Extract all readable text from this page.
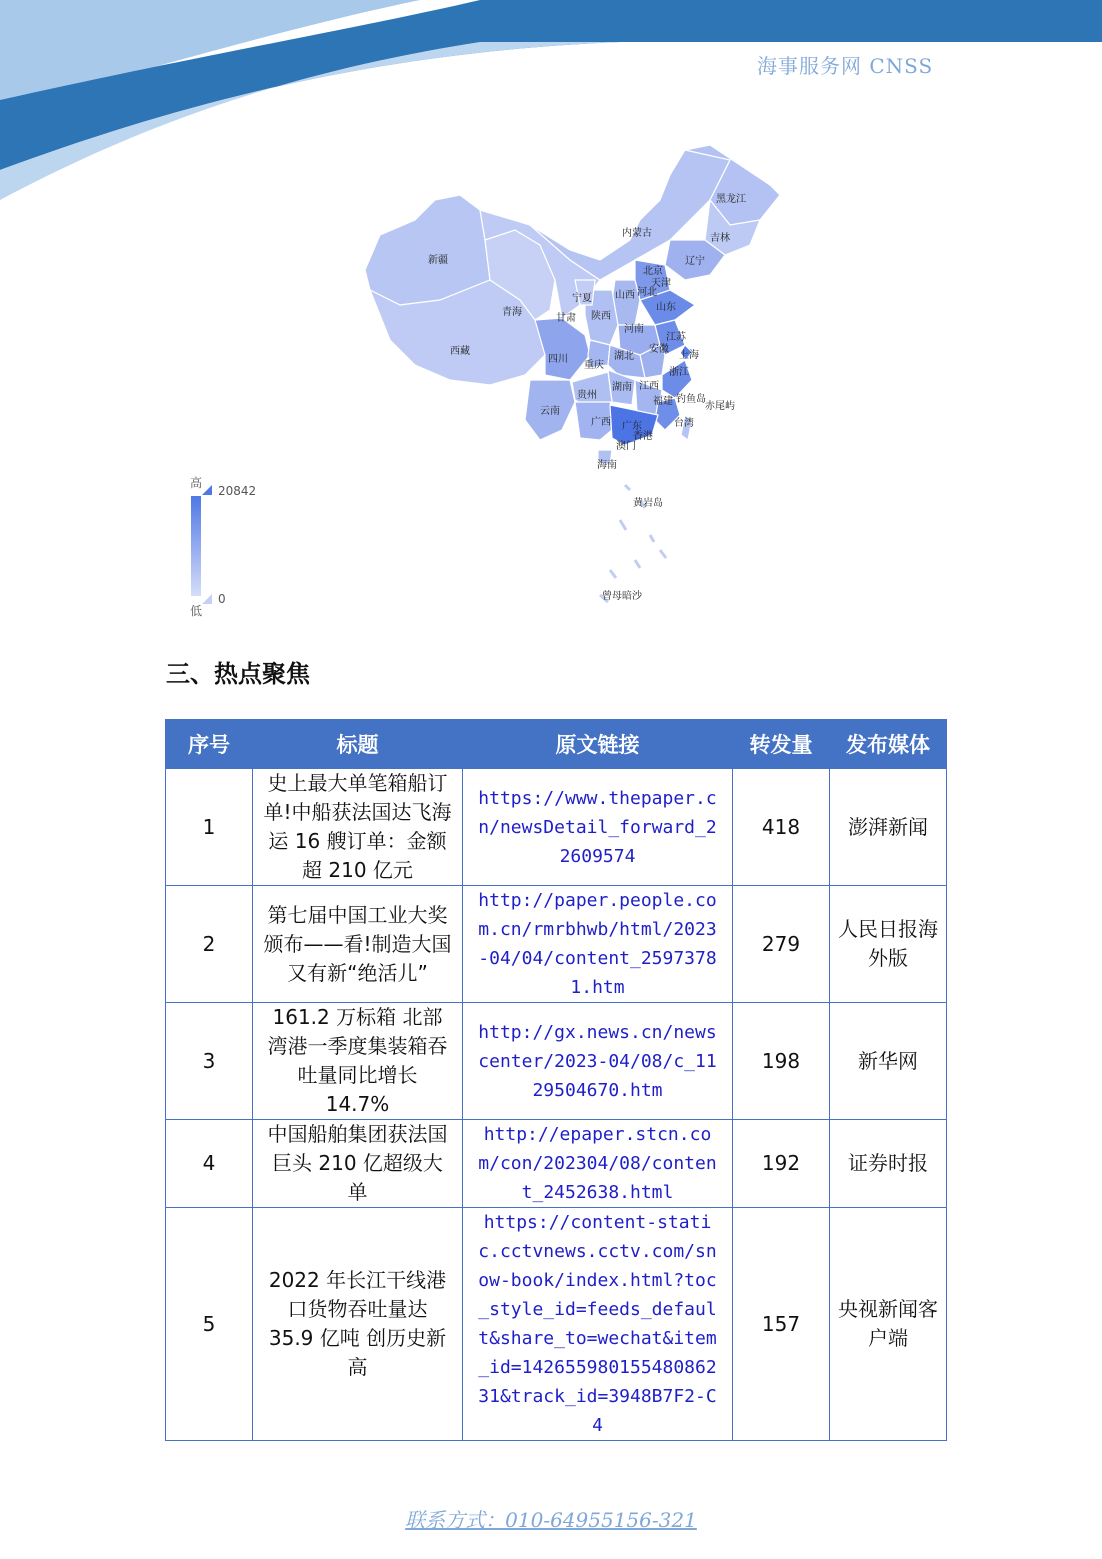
海事服务网 CNSS
黑龙江
内蒙古	吉林
辽宁
新疆
北京
天津
河北
山西
宁夏
青海
甘肃 陕西
山东
河南
江苏
西藏	安徽
上海
四川	湖北
重庆
浙江
湖南 江西
贵州
福建 钓鱼岛
赤尾屿
云南
广西 广东	台湾
香港
澳门
海南
黄岩岛
曾母暗沙
高
20842
0
低
三、热点聚焦
序号	标题	原文链接	转发量	发布媒体
1	史上最大单笔箱船订单!中船获法国达飞海运 16 艘订单：金额超 210 亿元	https://www.thepaper.cn/newsDetail_forward_22609574	418	澎湃新闻
2	第七届中国工业大奖颁布——看!制造大国又有新“绝活儿”	http://paper.people.com.cn/rmrbhwb/html/2023-04/04/content_25973781.htm	279	人民日报海外版
3	161.2 万标箱 北部湾港一季度集装箱吞吐量同比增长 14.7%	http://gx.news.cn/newscenter/2023-04/08/c_1129504670.htm	198	新华网
4	中国船舶集团获法国巨头 210 亿超级大单	http://epaper.stcn.com/con/202304/08/content_2452638.html	192	证券时报
5	2022 年长江干线港口货物吞吐量达 35.9 亿吨 创历史新高	https://content-static.cctvnews.cctv.com/snow-book/index.html?toc_style_id=feeds_default&share_to=wechat&item_id=14265598015548086231&track_id=3948B7F2-C4	157	央视新闻客户端
联系方式：010-64955156-321
